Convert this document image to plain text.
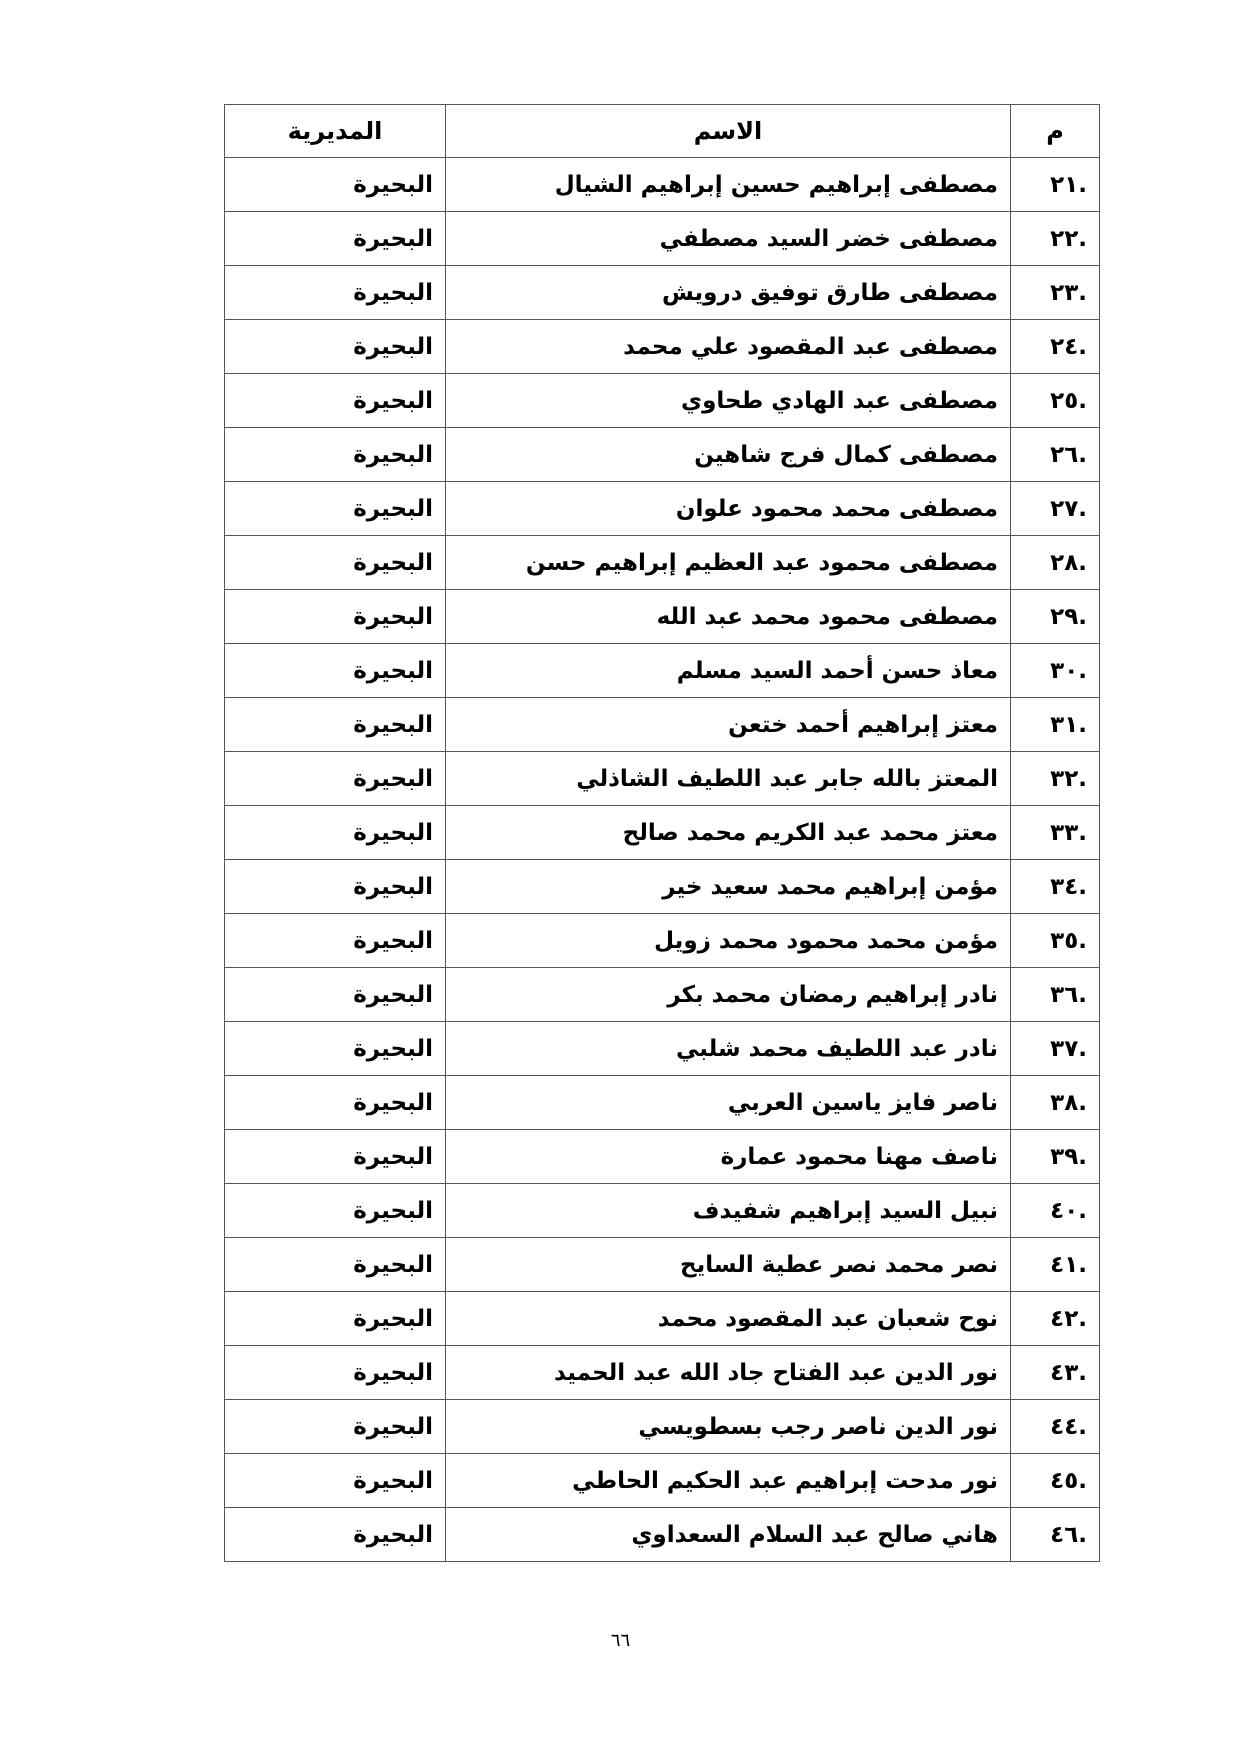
م	الاسم	المديرية
.٢١	مصطفى إبراهيم حسين إبراهيم الشيال	البحيرة
.٢٢	مصطفى خضر السيد مصطفي	البحيرة
.٢٣	مصطفى طارق توفيق درويش	البحيرة
.٢٤	مصطفى عبد المقصود علي محمد	البحيرة
.٢٥	مصطفى عبد الهادي طحاوي	البحيرة
.٢٦	مصطفى كمال فرج شاهين	البحيرة
.٢٧	مصطفى محمد محمود علوان	البحيرة
.٢٨	مصطفى محمود عبد العظيم إبراهيم حسن	البحيرة
.٢٩	مصطفى محمود محمد عبد الله	البحيرة
.٣٠	معاذ حسن أحمد السيد مسلم	البحيرة
.٣١	معتز إبراهيم أحمد ختعن	البحيرة
.٣٢	المعتز بالله جابر عبد اللطيف الشاذلي	البحيرة
.٣٣	معتز محمد عبد الكريم محمد صالح	البحيرة
.٣٤	مؤمن إبراهيم محمد سعيد خير	البحيرة
.٣٥	مؤمن محمد محمود محمد زويل	البحيرة
.٣٦	نادر إبراهيم رمضان محمد بكر	البحيرة
.٣٧	نادر عبد اللطيف محمد شلبي	البحيرة
.٣٨	ناصر فايز ياسين العربي	البحيرة
.٣٩	ناصف مهنا محمود عمارة	البحيرة
.٤٠	نبيل السيد إبراهيم شفيدف	البحيرة
.٤١	نصر محمد نصر عطية السايح	البحيرة
.٤٢	نوح شعبان عبد المقصود محمد	البحيرة
.٤٣	نور الدين عبد الفتاح جاد الله عبد الحميد	البحيرة
.٤٤	نور الدين ناصر رجب بسطويسي	البحيرة
.٤٥	نور مدحت إبراهيم عبد الحكيم الحاطي	البحيرة
.٤٦	هاني صالح عبد السلام السعداوي	البحيرة
٦٦
